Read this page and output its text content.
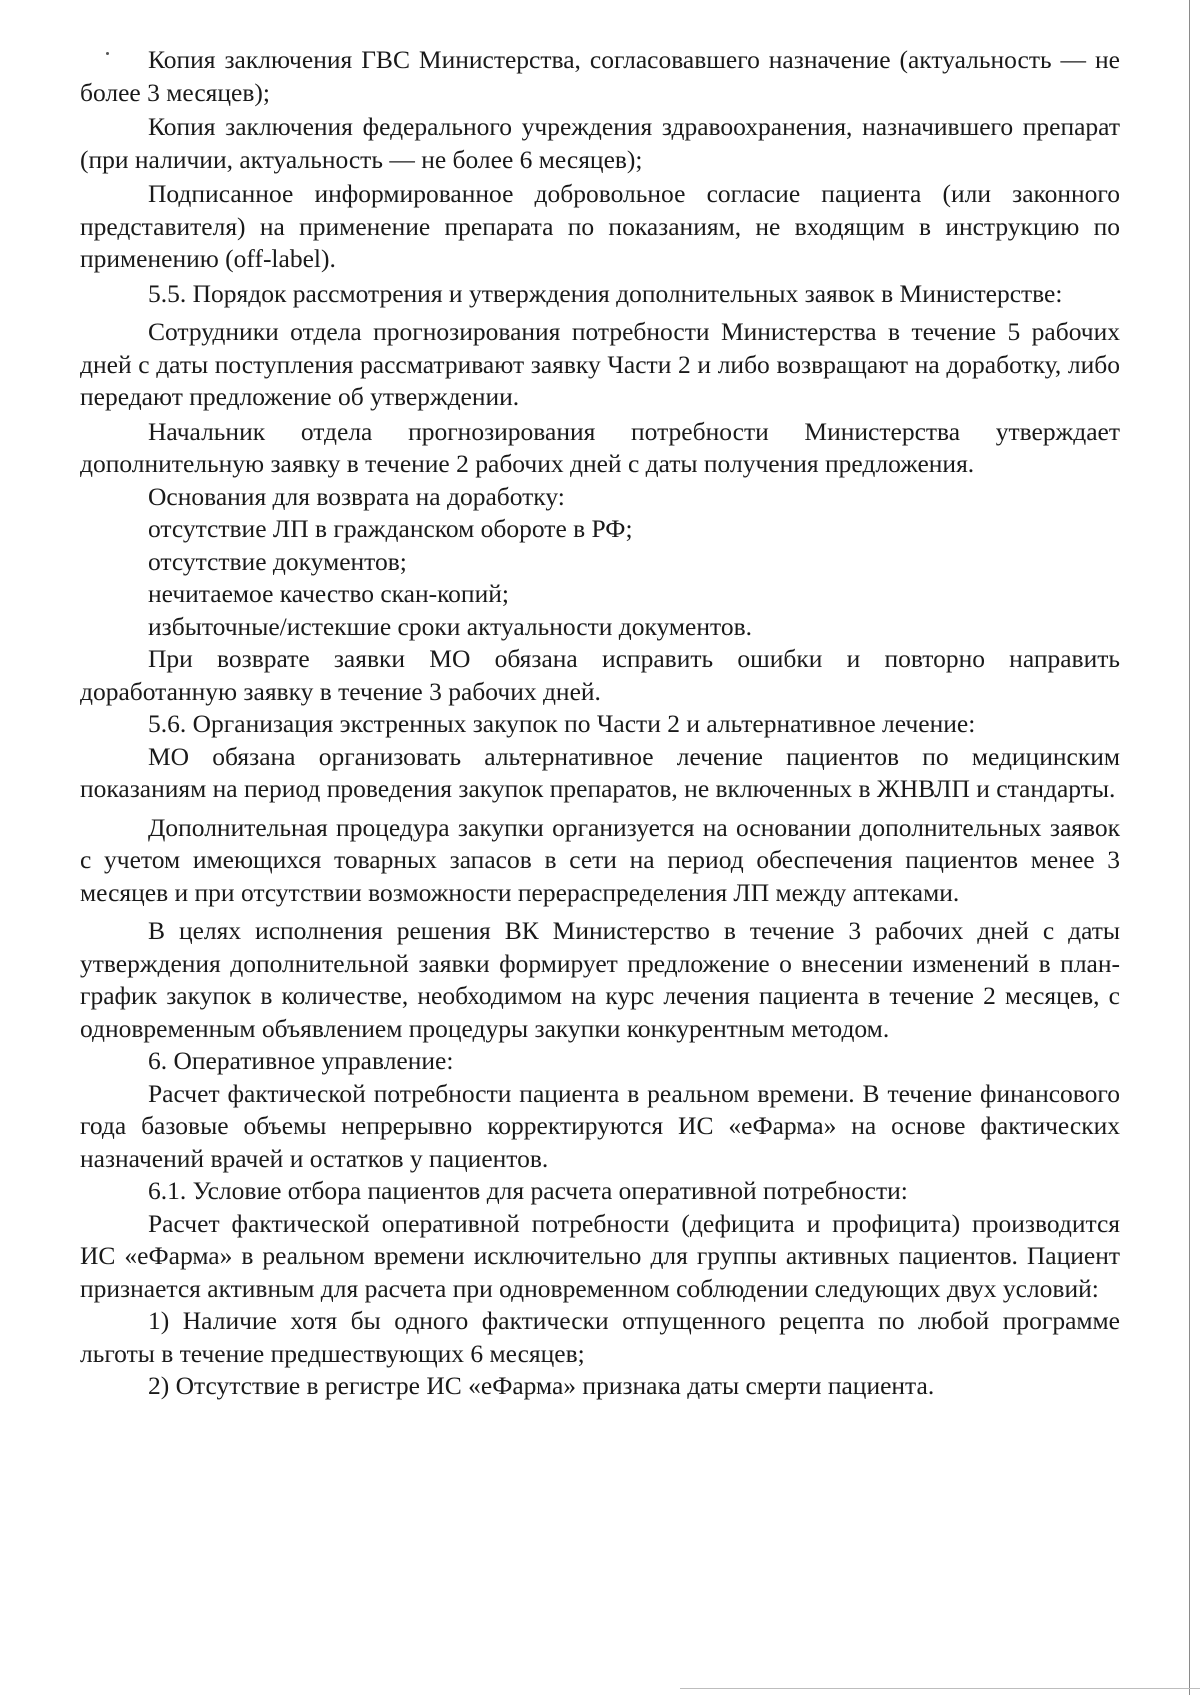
Копия заключения ГВС Министерства, согласовавшего назначение (актуальность — не более 3 месяцев);

Копия заключения федерального учреждения здравоохранения, назначившего препарат (при наличии, актуальность — не более 6 месяцев);

Подписанное информированное добровольное согласие пациента (или законного представителя) на применение препарата по показаниям, не входящим в инструкцию по применению (off-label).

5.5. Порядок рассмотрения и утверждения дополнительных заявок в Министерстве:

Сотрудники отдела прогнозирования потребности Министерства в течение 5 рабочих дней с даты поступления рассматривают заявку Части 2 и либо возвращают на доработку, либо передают предложение об утверждении.

Начальник отдела прогнозирования потребности Министерства утверждает дополнительную заявку в течение 2 рабочих дней с даты получения предложения.

Основания для возврата на доработку:

отсутствие ЛП в гражданском обороте в РФ;

отсутствие документов;

нечитаемое качество скан-копий;

избыточные/истекшие сроки актуальности документов.

При возврате заявки МО обязана исправить ошибки и повторно направить доработанную заявку в течение 3 рабочих дней.

5.6. Организация экстренных закупок по Части 2 и альтернативное лечение:

МО обязана организовать альтернативное лечение пациентов по медицинским показаниям на период проведения закупок препаратов, не включенных в ЖНВЛП и стандарты.

Дополнительная процедура закупки организуется на основании дополнительных заявок с учетом имеющихся товарных запасов в сети на период обеспечения пациентов менее 3 месяцев и при отсутствии возможности перераспределения ЛП между аптеками.

В целях исполнения решения ВК Министерство в течение 3 рабочих дней с даты утверждения дополнительной заявки формирует предложение о внесении изменений в план-график закупок в количестве, необходимом на курс лечения пациента в течение 2 месяцев, с одновременным объявлением процедуры закупки конкурентным методом.

6. Оперативное управление:

Расчет фактической потребности пациента в реальном времени. В течение финансового года базовые объемы непрерывно корректируются ИС «еФарма» на основе фактических назначений врачей и остатков у пациентов.

6.1. Условие отбора пациентов для расчета оперативной потребности:

Расчет фактической оперативной потребности (дефицита и профицита) производится ИС «еФарма» в реальном времени исключительно для группы активных пациентов. Пациент признается активным для расчета при одновременном соблюдении следующих двух условий:

1) Наличие хотя бы одного фактически отпущенного рецепта по любой программе льготы в течение предшествующих 6 месяцев;

2) Отсутствие в регистре ИС «еФарма» признака даты смерти пациента.
